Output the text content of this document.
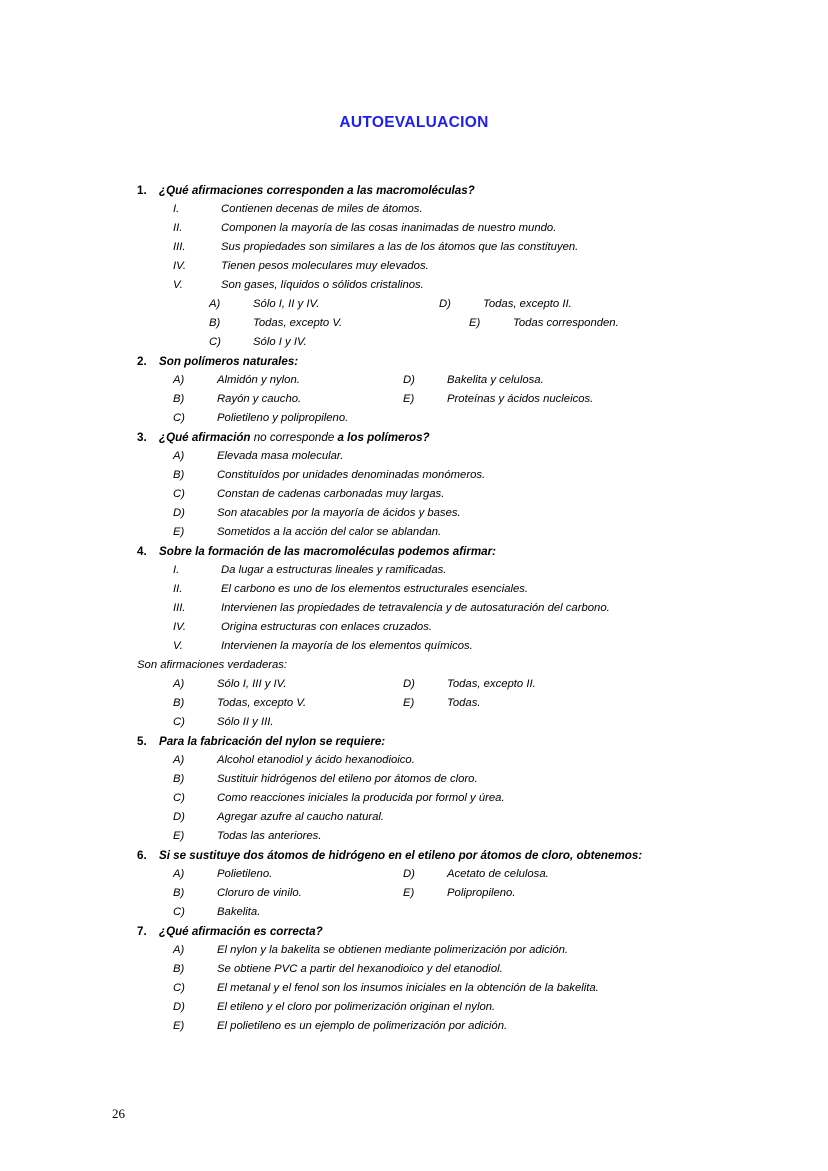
AUTOEVALUACION
1.	¿Qué afirmaciones corresponden a las macromoléculas?
I.	Contienen decenas de miles de átomos.
II.	Componen la mayoría de las cosas inanimadas de nuestro mundo.
III.	Sus propiedades son similares a las de los átomos que las constituyen.
IV.	Tienen pesos moleculares muy elevados.
V.	Son gases, líquidos o sólidos cristalinos.
A)	Sólo I, II y IV.	D)	Todas, excepto II.
B)	Todas, excepto V.	E)	Todas corresponden.
C)	Sólo I y IV.
2.	Son polímeros naturales:
A)	Almidón y nylon.	D)	Bakelita y celulosa.
B)	Rayón y caucho.	E)	Proteínas y ácidos nucleicos.
C)	Polietileno y polipropileno.
3.	¿Qué afirmación no corresponde a los polímeros?
A)	Elevada masa molecular.
B)	Constituídos por unidades denominadas monómeros.
C)	Constan de cadenas carbonadas muy largas.
D)	Son atacables por la mayoría de ácidos y bases.
E)	Sometidos a la acción del calor se ablandan.
4.	Sobre la formación de las macromoléculas podemos afirmar:
I.	Da lugar a estructuras lineales y ramificadas.
II.	El carbono es uno de los elementos estructurales esenciales.
III.	Intervienen las propiedades de tetravalencia y de autosaturación del carbono.
IV.	Origina estructuras con enlaces cruzados.
V.	Intervienen la mayoría de los elementos químicos.
Son afirmaciones verdaderas:
A)	Sólo I, III y IV.	D)	Todas, excepto II.
B)	Todas, excepto V.	E)	Todas.
C)	Sólo II y III.
5.	Para la fabricación del nylon se requiere:
A)	Alcohol etanodiol y ácido hexanodioico.
B)	Sustituir hidrógenos del etileno por átomos de cloro.
C)	Como reacciones iniciales la producida por formol y úrea.
D)	Agregar azufre al caucho natural.
E)	Todas las anteriores.
6.	Si se sustituye dos átomos de hidrógeno en el etileno por átomos de cloro, obtenemos:
A)	Polietileno.	D)	Acetato de celulosa.
B)	Cloruro de vinilo.	E)	Polipropileno.
C)	Bakelita.
7.	¿Qué afirmación es correcta?
A)	El nylon y la bakelita se obtienen mediante polimerización por adición.
B)	Se obtiene PVC a partir del hexanodioico y del etanodiol.
C)	El metanal y el fenol son los insumos iniciales en la obtención de la bakelita.
D)	El etileno y el cloro por polimerización originan el nylon.
E)	El polietileno es un ejemplo de polimerización por adición.
26
